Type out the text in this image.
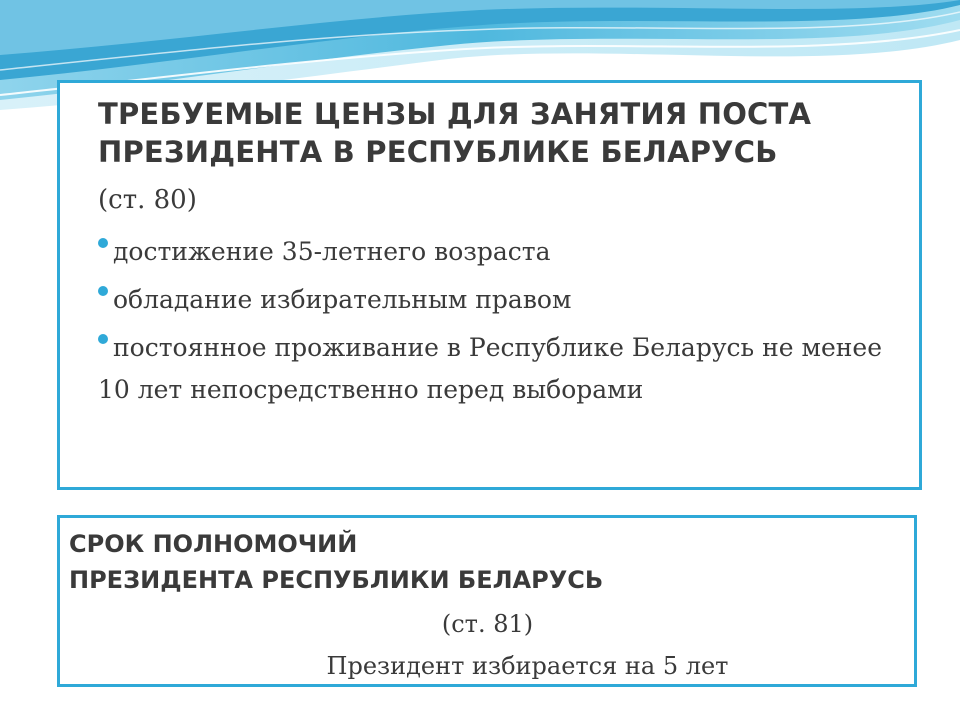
ТРЕБУЕМЫЕ ЦЕНЗЫ ДЛЯ ЗАНЯТИЯ ПОСТА
ПРЕЗИДЕНТА В РЕСПУБЛИКЕ БЕЛАРУСЬ
(ст. 80)
достижение 35-летнего возраста
обладание избирательным правом
постоянное проживание в Республике Беларусь не менее 10 лет непосредственно перед выборами
СРОК ПОЛНОМОЧИЙ
ПРЕЗИДЕНТА РЕСПУБЛИКИ БЕЛАРУСЬ
(ст. 81)
Президент избирается на 5 лет
